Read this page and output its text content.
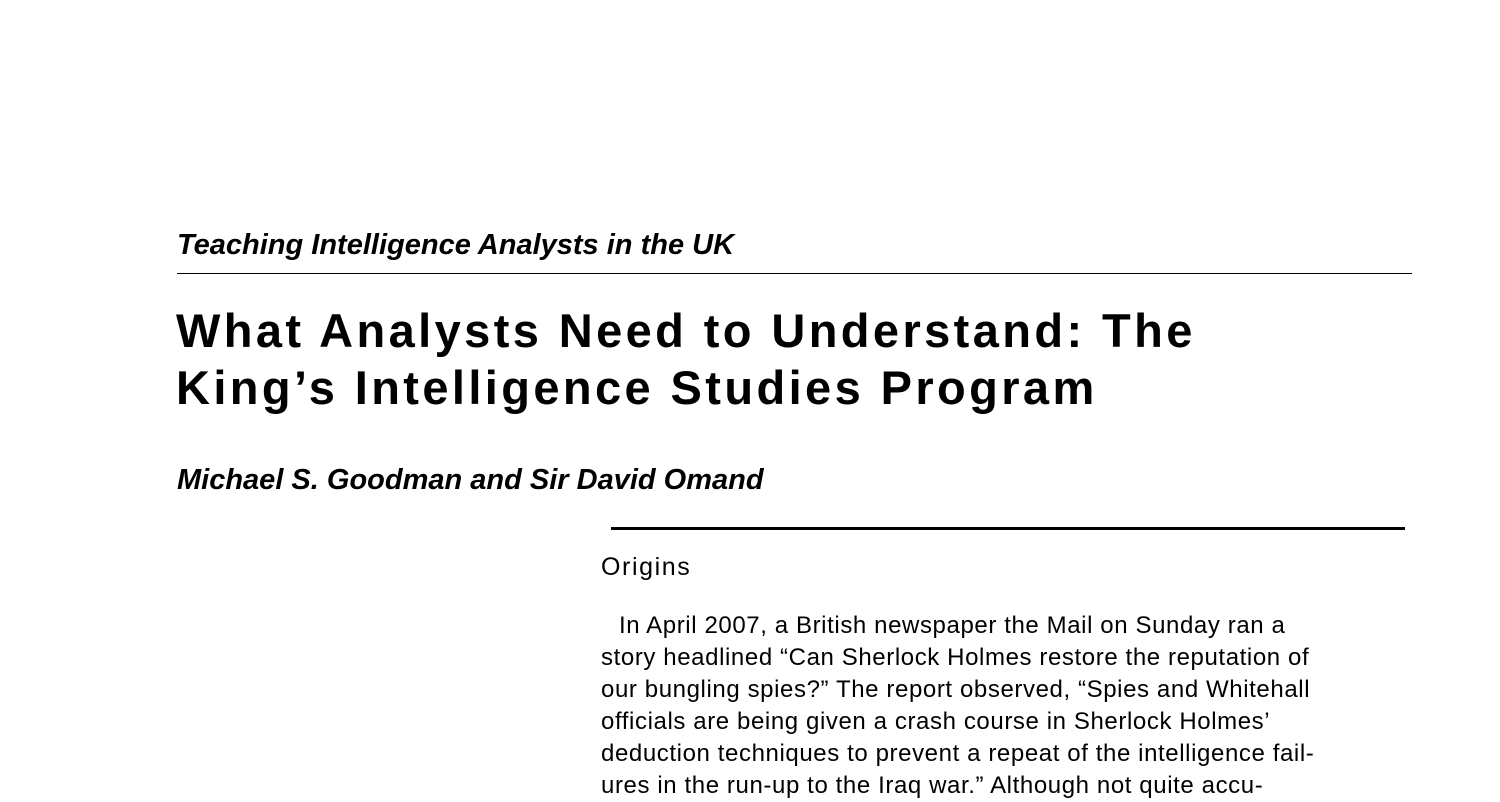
Teaching Intelligence Analysts in the UK
What Analysts Need to Understand: The
King’s Intelligence Studies Program
Michael S. Goodman and Sir David Omand
Origins
In April 2007, a British newspaper the Mail on Sunday ran a
story headlined “Can Sherlock Holmes restore the reputation of
our bungling spies?” The report observed, “Spies and Whitehall
officials are being given a crash course in Sherlock Holmes’
deduction techniques to prevent a repeat of the intelligence fail-
ures in the run-up to the Iraq war.” Although not quite accu-
